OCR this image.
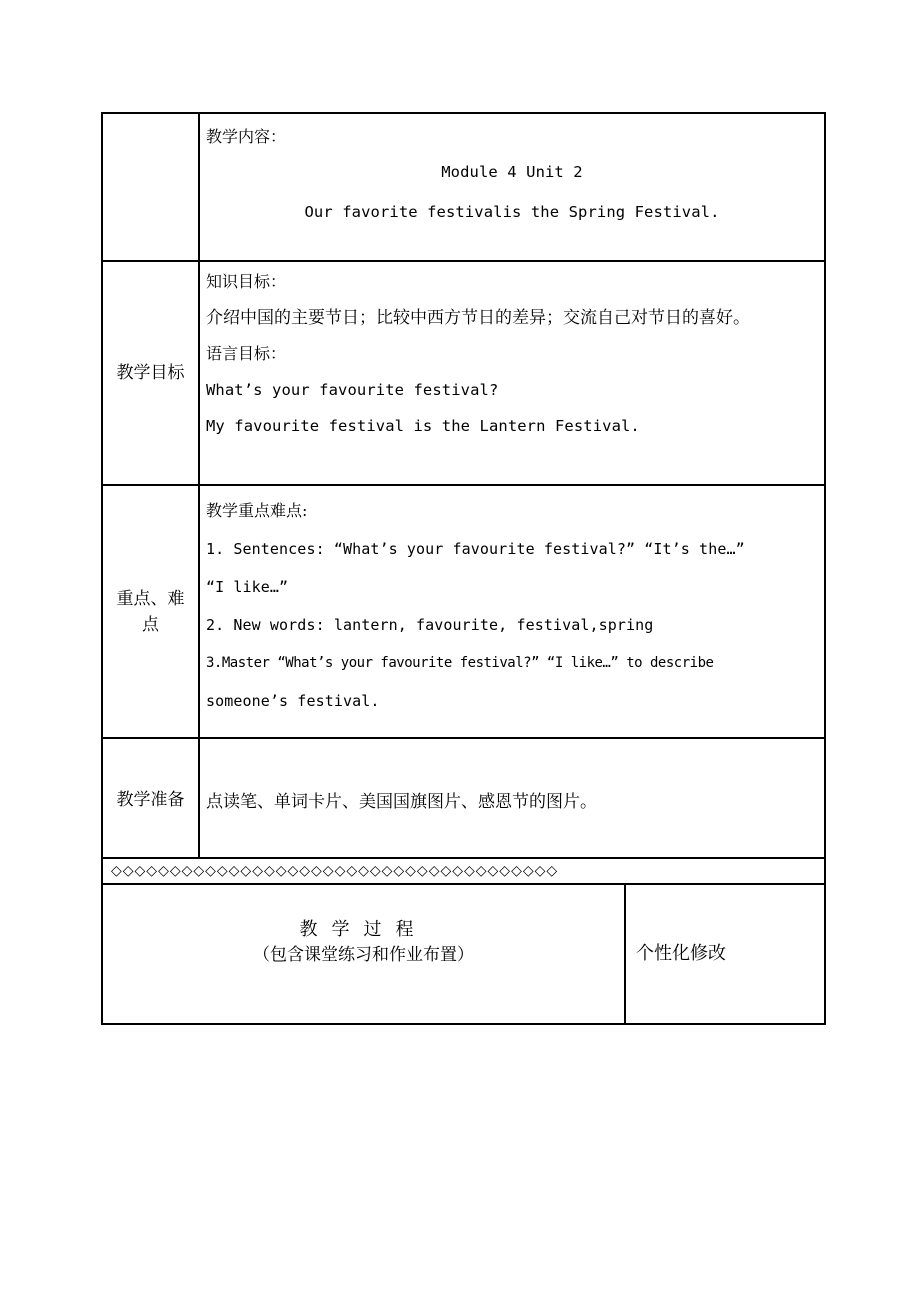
教学内容：
Module 4 Unit 2
Our favorite festivalis the Spring Festival.
教学目标
知识目标：
介绍中国的主要节日；比较中西方节日的差异；交流自己对节日的喜好。
语言目标：
What’s your favourite festival?
My favourite festival is the Lantern Festival.
重点、难
点
教学重点难点:
1. Sentences: “What’s your favourite festival?” “It’s the…”
“I like…”
2. New words: lantern, favourite, festival,spring
3.Master “What’s your favourite festival?” “I like…” to describe
someone’s festival.
教学准备	点读笔、单词卡片、美国国旗图片、感恩节的图片。
◇◇◇◇◇◇◇◇◇◇◇◇◇◇◇◇◇◇◇◇◇◇◇◇◇◇◇◇◇◇◇◇◇◇◇◇◇◇
教学过程
（包含课堂练习和作业布置）	个性化修改
